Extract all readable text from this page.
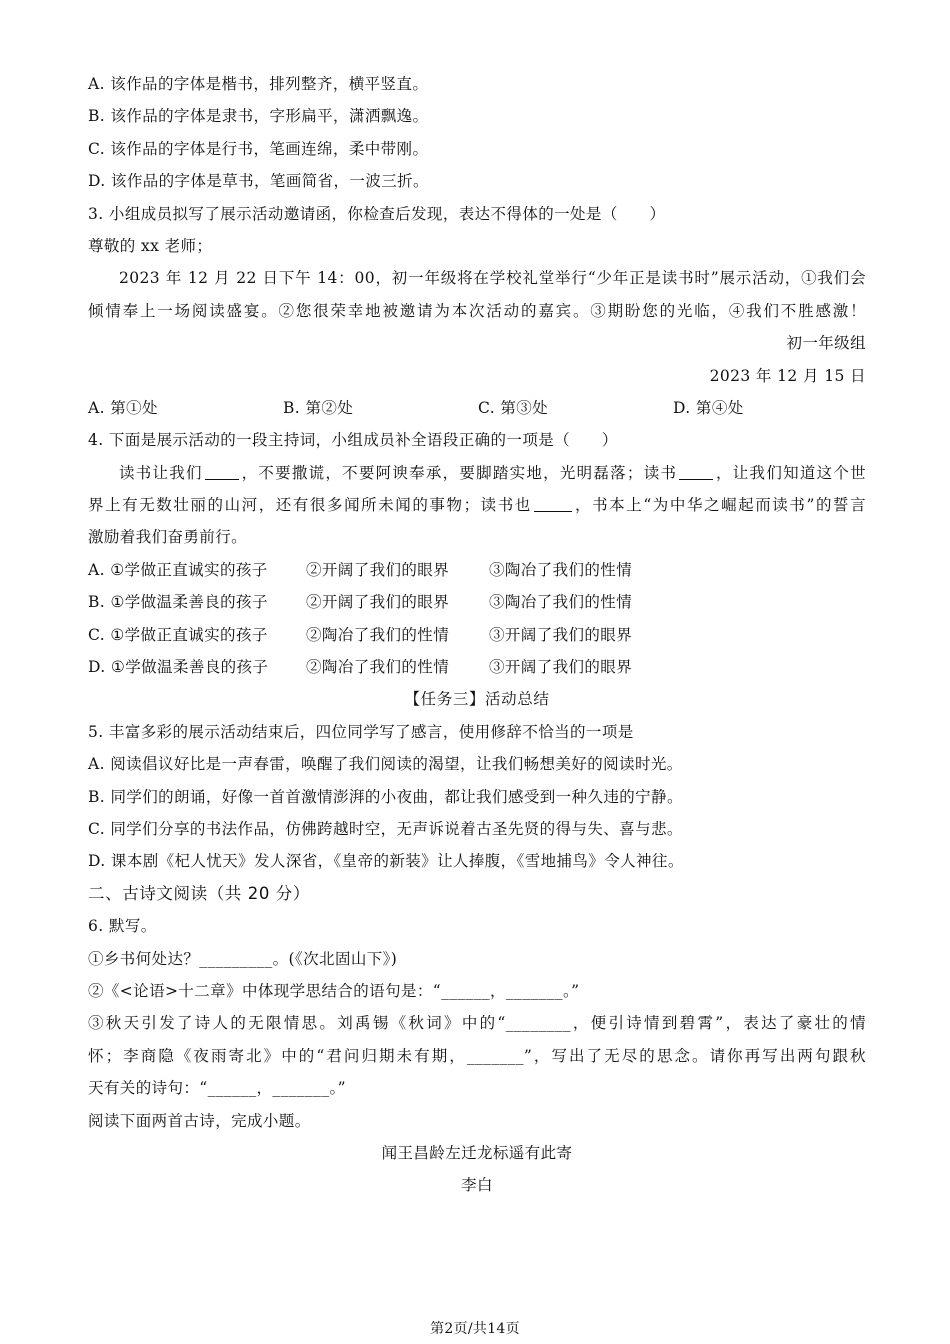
A. 该作品的字体是楷书，排列整齐，横平竖直。
B. 该作品的字体是隶书，字形扁平，潇洒飘逸。
C. 该作品的字体是行书，笔画连绵，柔中带刚。
D. 该作品的字体是草书，笔画简省，一波三折。
3. 小组成员拟写了展示活动邀请函，你检查后发现，表达不得体的一处是（　　）
尊敬的 xx 老师；
2023 年 12 月 22 日下午 14：00，初一年级将在学校礼堂举行“少年正是读书时”展示活动，①我们会
倾情奉上一场阅读盛宴。②您很荣幸地被邀请为本次活动的嘉宾。③期盼您的光临，④我们不胜感激！
初一年级组
2023 年 12 月 15 日
A. 第①处	B. 第②处	C. 第③处	D. 第④处
4. 下面是展示活动的一段主持词，小组成员补全语段正确的一项是（　　）
读书让我们 ，不要撒谎，不要阿谀奉承，要脚踏实地，光明磊落；读书 ，让我们知道这个世
界上有无数壮丽的山河，还有很多闻所未闻的事物；读书也	，书本上“为中华之崛起而读书”的誓言
激励着我们奋勇前行。
A. ①学做正直诚实的孩子 ②开阔了我们的眼界	③陶冶了我们的性情
B. ①学做温柔善良的孩子 ②开阔了我们的眼界	③陶冶了我们的性情
C. ①学做正直诚实的孩子 ②陶冶了我们的性情	③开阔了我们的眼界
D. ①学做温柔善良的孩子 ②陶冶了我们的性情	③开阔了我们的眼界
【任务三】活动总结
5. 丰富多彩的展示活动结束后，四位同学写了感言，使用修辞不恰当的一项是
A. 阅读倡议好比是一声春雷，唤醒了我们阅读的渴望，让我们畅想美好的阅读时光。
B. 同学们的朗诵，好像一首首激情澎湃的小夜曲，都让我们感受到一种久违的宁静。
C. 同学们分享的书法作品，仿佛跨越时空，无声诉说着古圣先贤的得与失、喜与悲。
D. 课本剧《杞人忧天》发人深省，《皇帝的新装》让人捧腹，《雪地捕鸟》令人神往。
二、古诗文阅读（共 20 分）
6. 默写。
①乡书何处达？_________。(《次北固山下》)
②《<论语>十二章》中体现学思结合的语句是：“______，_______。”
③秋天引发了诗人的无限情思。刘禹锡《秋词》中的“________，便引诗情到碧霄”，表达了豪壮的情
怀；李商隐《夜雨寄北》中的“君问归期未有期，_______”，写出了无尽的思念。请你再写出两句跟秋
天有关的诗句：“______，_______。”
阅读下面两首古诗，完成小题。
闻王昌龄左迁龙标遥有此寄
李白
第2页/共14页
